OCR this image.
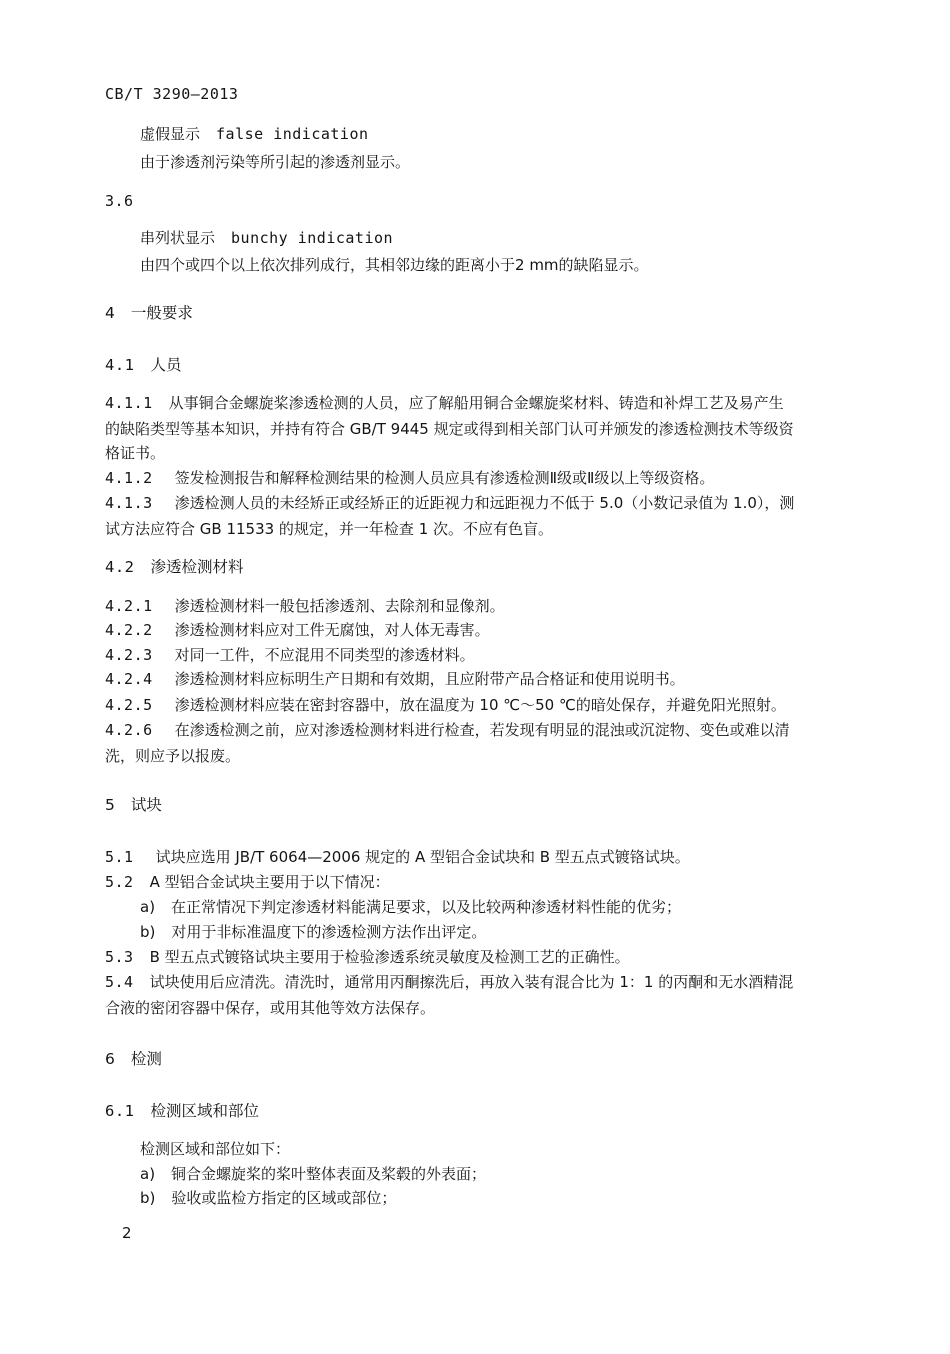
CB/T 3290—2013
虚假显示 false indication
由于渗透剂污染等所引起的渗透剂显示。
3.6
串列状显示 bunchy indication
由四个或四个以上依次排列成行，其相邻边缘的距离小于2 mm的缺陷显示。
4 一般要求
4.1 人员
4.1.1 从事铜合金螺旋桨渗透检测的人员，应了解船用铜合金螺旋桨材料、铸造和补焊工艺及易产生
的缺陷类型等基本知识，并持有符合 GB/T 9445 规定或得到相关部门认可并颁发的渗透检测技术等级资
格证书。
4.1.2 签发检测报告和解释检测结果的检测人员应具有渗透检测Ⅱ级或Ⅱ级以上等级资格。
4.1.3 渗透检测人员的未经矫正或经矫正的近距视力和远距视力不低于 5.0（小数记录值为 1.0），测
试方法应符合 GB 11533 的规定，并一年检查 1 次。不应有色盲。
4.2 渗透检测材料
4.2.1 渗透检测材料一般包括渗透剂、去除剂和显像剂。
4.2.2 渗透检测材料应对工件无腐蚀，对人体无毒害。
4.2.3 对同一工件，不应混用不同类型的渗透材料。
4.2.4 渗透检测材料应标明生产日期和有效期，且应附带产品合格证和使用说明书。
4.2.5 渗透检测材料应装在密封容器中，放在温度为 10 ℃～50 ℃的暗处保存，并避免阳光照射。
4.2.6 在渗透检测之前，应对渗透检测材料进行检查，若发现有明显的混浊或沉淀物、变色或难以清
洗，则应予以报废。
5 试块
5.1 试块应选用 JB/T 6064—2006 规定的 A 型铝合金试块和 B 型五点式镀铬试块。
5.2 A 型铝合金试块主要用于以下情况：
a) 在正常情况下判定渗透材料能满足要求，以及比较两种渗透材料性能的优劣；
b) 对用于非标准温度下的渗透检测方法作出评定。
5.3 B 型五点式镀铬试块主要用于检验渗透系统灵敏度及检测工艺的正确性。
5.4 试块使用后应清洗。清洗时，通常用丙酮擦洗后，再放入装有混合比为 1：1 的丙酮和无水酒精混
合液的密闭容器中保存，或用其他等效方法保存。
6 检测
6.1 检测区域和部位
检测区域和部位如下：
a) 铜合金螺旋桨的桨叶整体表面及桨毂的外表面；
b) 验收或监检方指定的区域或部位；
2
